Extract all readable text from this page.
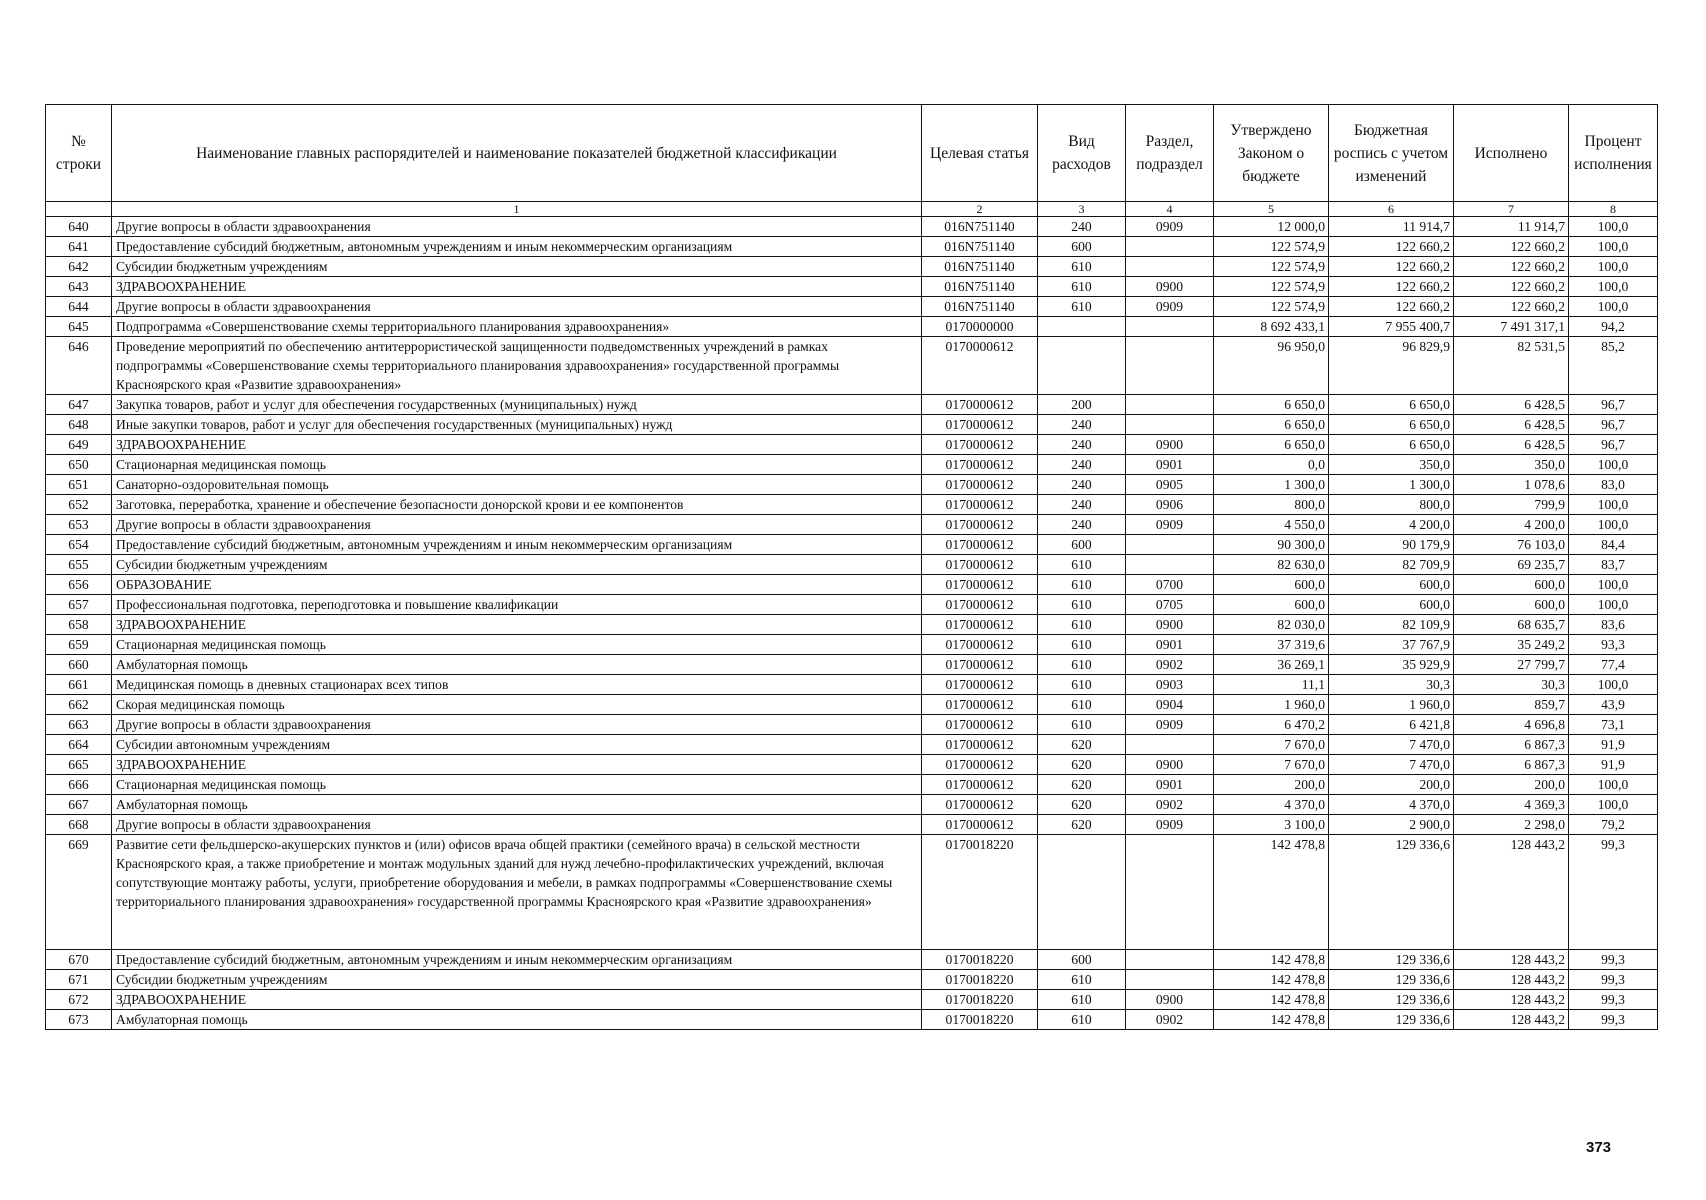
№ строки	Наименование главных распорядителей и наименование показателей бюджетной классификации	Целевая статья	Вид расходов	Раздел, подраздел	Утверждено Законом о бюджете	Бюджетная роспись с учетом изменений	Исполнено	Процент исполнения
	1	2	3	4	5	6	7	8
640	Другие вопросы в области здравоохранения	016N751140	240	0909	12 000,0	11 914,7	11 914,7	100,0
641	Предоставление субсидий бюджетным, автономным учреждениям и иным некоммерческим организациям	016N751140	600		122 574,9	122 660,2	122 660,2	100,0
642	Субсидии бюджетным учреждениям	016N751140	610		122 574,9	122 660,2	122 660,2	100,0
643	ЗДРАВООХРАНЕНИЕ	016N751140	610	0900	122 574,9	122 660,2	122 660,2	100,0
644	Другие вопросы в области здравоохранения	016N751140	610	0909	122 574,9	122 660,2	122 660,2	100,0
645	Подпрограмма «Совершенствование схемы территориального планирования здравоохранения»	0170000000			8 692 433,1	7 955 400,7	7 491 317,1	94,2
646	Проведение мероприятий по обеспечению антитеррористической защищенности подведомственных учреждений в рамках подпрограммы «Совершенствование схемы территориального планирования здравоохранения» государственной программы Красноярского края «Развитие здравоохранения»	0170000612			96 950,0	96 829,9	82 531,5	85,2
647	Закупка товаров, работ и услуг для обеспечения государственных (муниципальных) нужд	0170000612	200		6 650,0	6 650,0	6 428,5	96,7
648	Иные закупки товаров, работ и услуг для обеспечения государственных (муниципальных) нужд	0170000612	240		6 650,0	6 650,0	6 428,5	96,7
649	ЗДРАВООХРАНЕНИЕ	0170000612	240	0900	6 650,0	6 650,0	6 428,5	96,7
650	Стационарная медицинская помощь	0170000612	240	0901	0,0	350,0	350,0	100,0
651	Санаторно-оздоровительная помощь	0170000612	240	0905	1 300,0	1 300,0	1 078,6	83,0
652	Заготовка, переработка, хранение и обеспечение безопасности донорской крови и ее компонентов	0170000612	240	0906	800,0	800,0	799,9	100,0
653	Другие вопросы в области здравоохранения	0170000612	240	0909	4 550,0	4 200,0	4 200,0	100,0
654	Предоставление субсидий бюджетным, автономным учреждениям и иным некоммерческим организациям	0170000612	600		90 300,0	90 179,9	76 103,0	84,4
655	Субсидии бюджетным учреждениям	0170000612	610		82 630,0	82 709,9	69 235,7	83,7
656	ОБРАЗОВАНИЕ	0170000612	610	0700	600,0	600,0	600,0	100,0
657	Профессиональная подготовка, переподготовка и повышение квалификации	0170000612	610	0705	600,0	600,0	600,0	100,0
658	ЗДРАВООХРАНЕНИЕ	0170000612	610	0900	82 030,0	82 109,9	68 635,7	83,6
659	Стационарная медицинская помощь	0170000612	610	0901	37 319,6	37 767,9	35 249,2	93,3
660	Амбулаторная помощь	0170000612	610	0902	36 269,1	35 929,9	27 799,7	77,4
661	Медицинская помощь в дневных стационарах всех типов	0170000612	610	0903	11,1	30,3	30,3	100,0
662	Скорая медицинская помощь	0170000612	610	0904	1 960,0	1 960,0	859,7	43,9
663	Другие вопросы в области здравоохранения	0170000612	610	0909	6 470,2	6 421,8	4 696,8	73,1
664	Субсидии автономным учреждениям	0170000612	620		7 670,0	7 470,0	6 867,3	91,9
665	ЗДРАВООХРАНЕНИЕ	0170000612	620	0900	7 670,0	7 470,0	6 867,3	91,9
666	Стационарная медицинская помощь	0170000612	620	0901	200,0	200,0	200,0	100,0
667	Амбулаторная помощь	0170000612	620	0902	4 370,0	4 370,0	4 369,3	100,0
668	Другие вопросы в области здравоохранения	0170000612	620	0909	3 100,0	2 900,0	2 298,0	79,2
669	Развитие сети фельдшерско-акушерских пунктов и (или) офисов врача общей практики (семейного врача) в сельской местности Красноярского края, а также приобретение и монтаж модульных зданий для нужд лечебно-профилактических учреждений, включая сопутствующие монтажу работы, услуги, приобретение оборудования и мебели, в рамках подпрограммы «Совершенствование схемы территориального планирования здравоохранения» государственной программы Красноярского края «Развитие здравоохранения»	0170018220			142 478,8	129 336,6	128 443,2	99,3
670	Предоставление субсидий бюджетным, автономным учреждениям и иным некоммерческим организациям	0170018220	600		142 478,8	129 336,6	128 443,2	99,3
671	Субсидии бюджетным учреждениям	0170018220	610		142 478,8	129 336,6	128 443,2	99,3
672	ЗДРАВООХРАНЕНИЕ	0170018220	610	0900	142 478,8	129 336,6	128 443,2	99,3
673	Амбулаторная помощь	0170018220	610	0902	142 478,8	129 336,6	128 443,2	99,3
373
